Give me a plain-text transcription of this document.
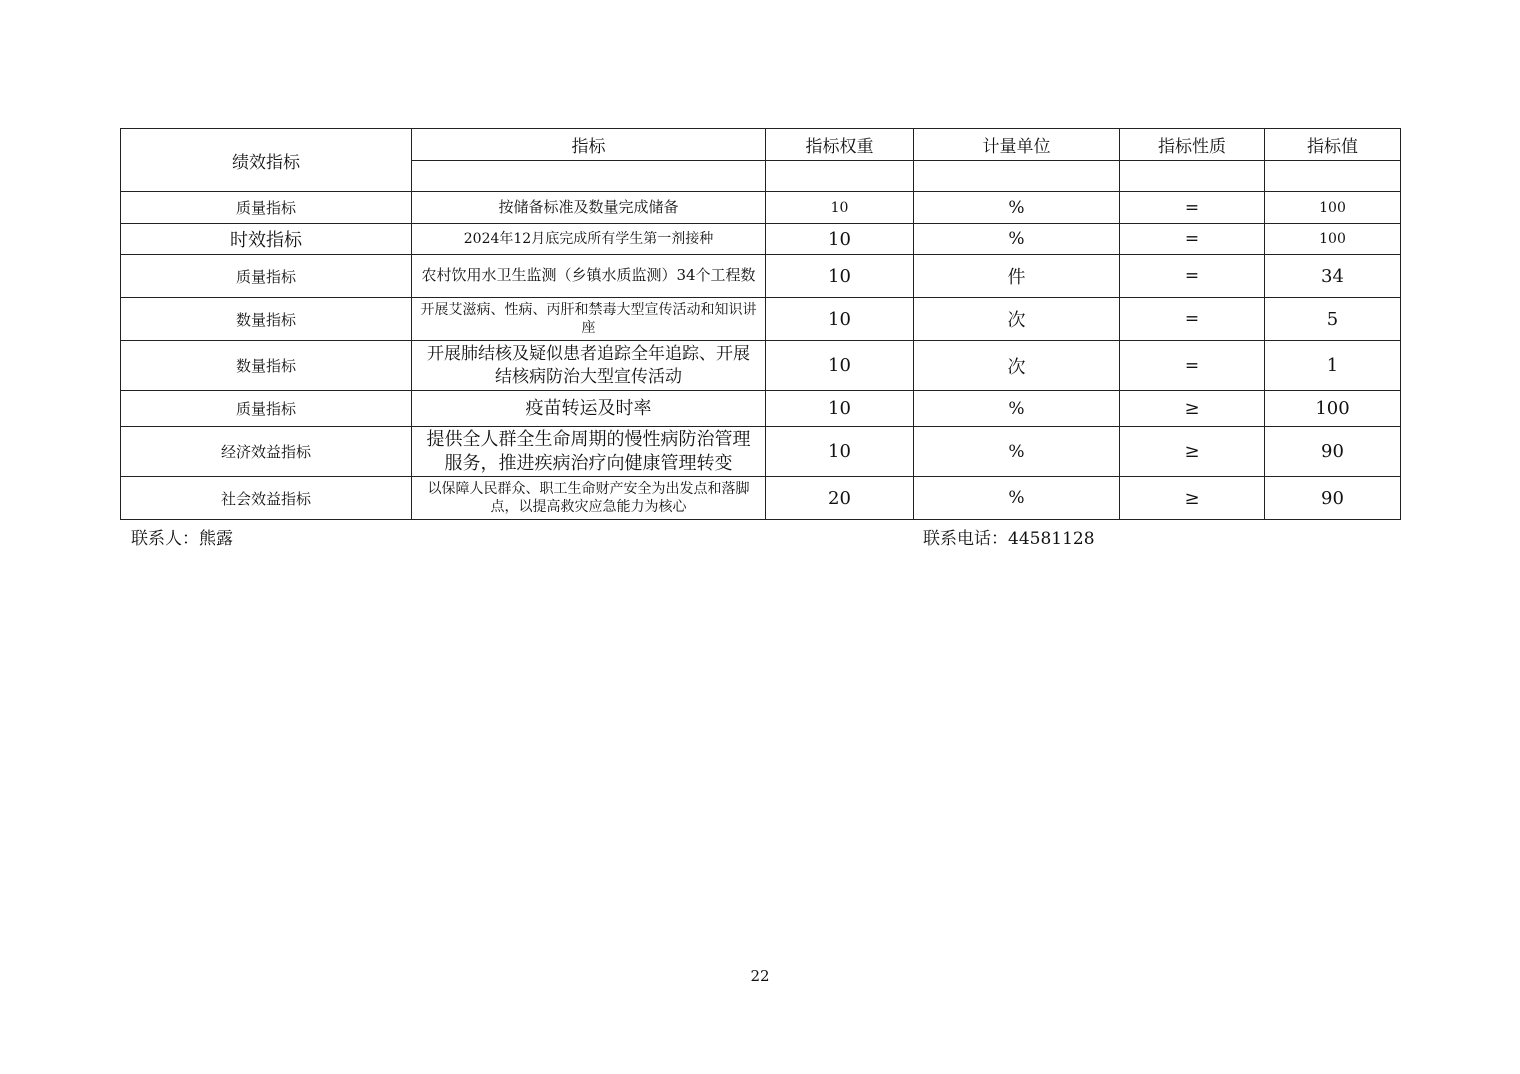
绩效指标	指标	指标权重	计量单位	指标性质	指标值

质量指标	按储备标准及数量完成储备	10	%	=	100
时效指标	2024年12月底完成所有学生第一剂接种	10	%	=	100
质量指标	农村饮用水卫生监测（乡镇水质监测）34个工程数	10	件	=	34
数量指标	开展艾滋病、性病、丙肝和禁毒大型宣传活动和知识讲座	10	次	=	5
数量指标	开展肺结核及疑似患者追踪全年追踪、开展结核病防治大型宣传活动	10	次	=	1
质量指标	疫苗转运及时率	10	%	≥	100
经济效益指标	提供全人群全生命周期的慢性病防治管理服务，推进疾病治疗向健康管理转变	10	%	≥	90
社会效益指标	以保障人民群众、职工生命财产安全为出发点和落脚点，以提高救灾应急能力为核心	20	%	≥	90
联系人：熊露	联系电话：44581128
22
